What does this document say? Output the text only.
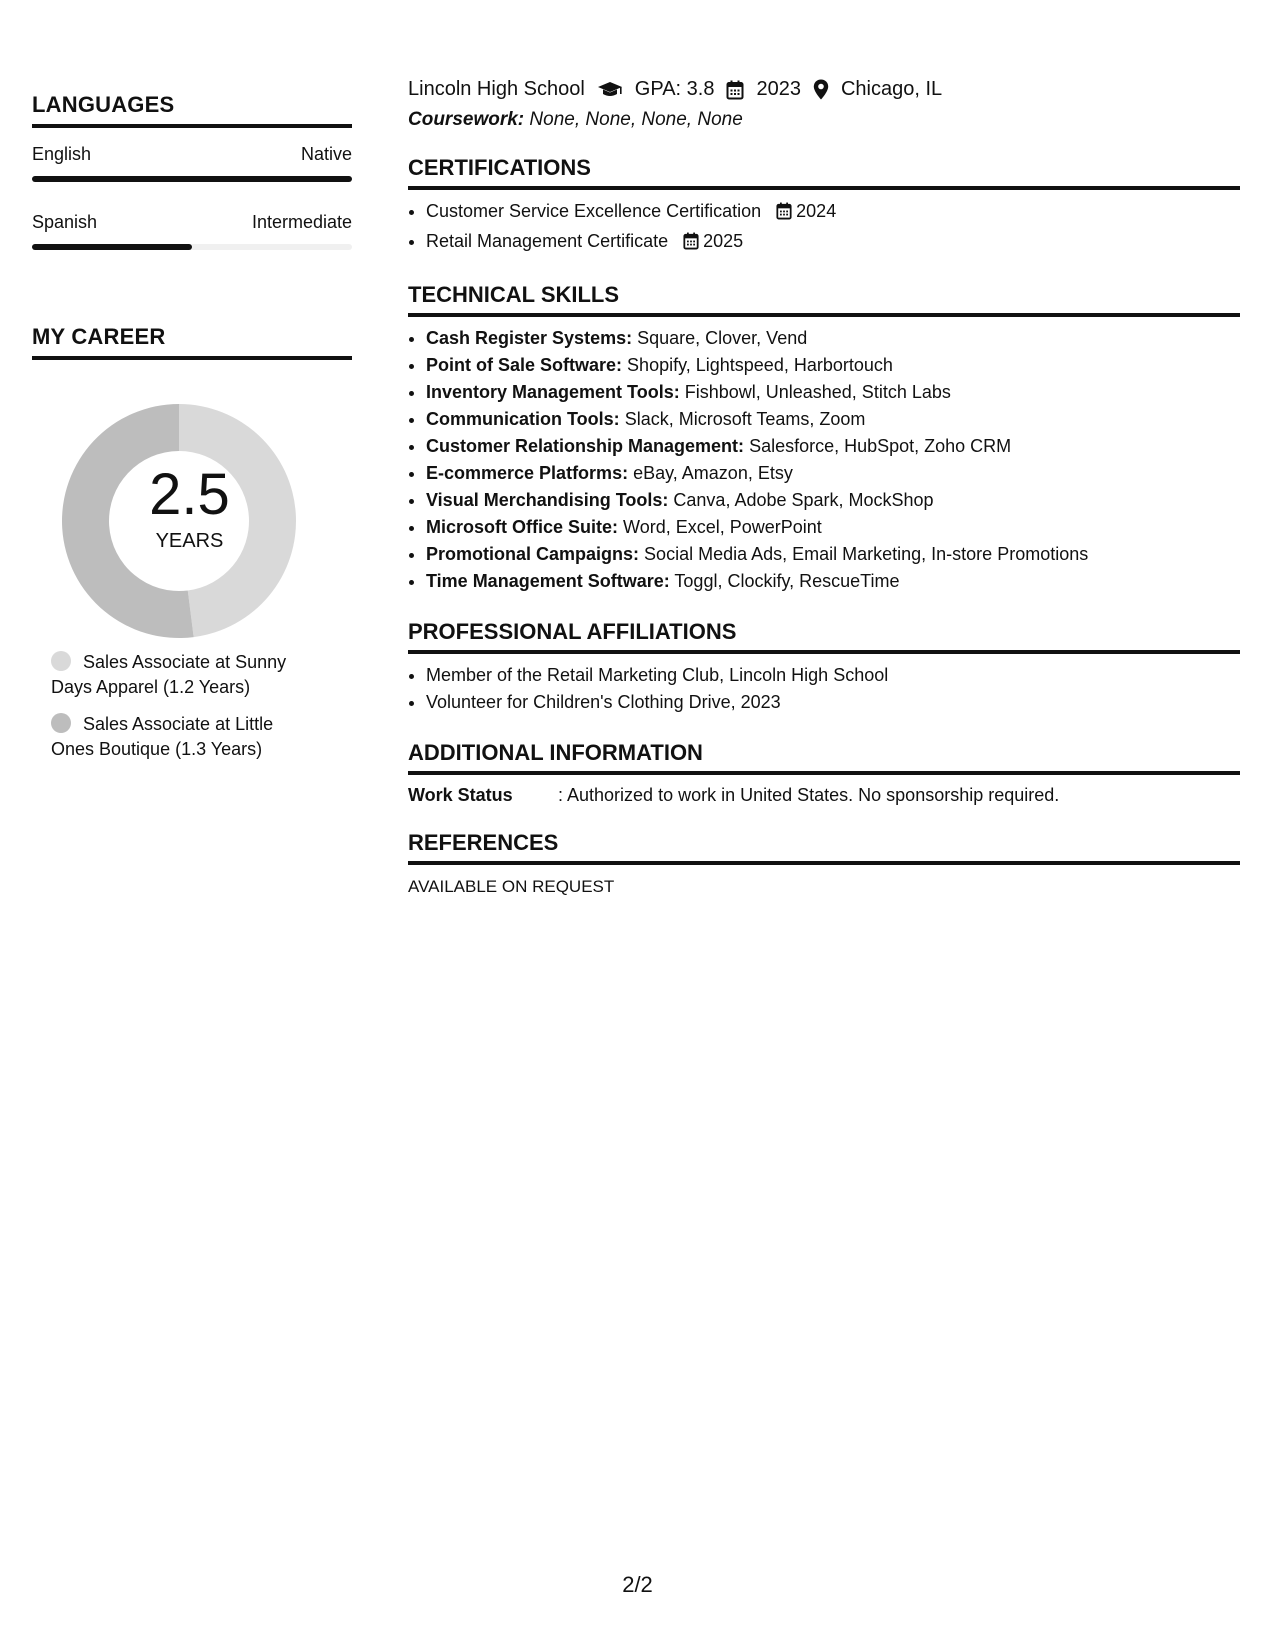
LANGUAGES
English	Native
Spanish	Intermediate
MY CAREER
2.5
YEARS
Sales Associate at Sunny Days Apparel (1.2 Years)
Sales Associate at Little Ones Boutique (1.3 Years)
Lincoln High School	GPA: 3.8 2023 Chicago, IL
Coursework: None, None, None, None
CERTIFICATIONS
• Customer Service Excellence Certification 2024
• Retail Management Certificate 2025
TECHNICAL SKILLS
• Cash Register Systems: Square, Clover, Vend
• Point of Sale Software: Shopify, Lightspeed, Harbortouch
• Inventory Management Tools: Fishbowl, Unleashed, Stitch Labs
• Communication Tools: Slack, Microsoft Teams, Zoom
• Customer Relationship Management: Salesforce, HubSpot, Zoho CRM
• E-commerce Platforms: eBay, Amazon, Etsy
• Visual Merchandising Tools: Canva, Adobe Spark, MockShop
• Microsoft Office Suite: Word, Excel, PowerPoint
• Promotional Campaigns: Social Media Ads, Email Marketing, In-store Promotions
• Time Management Software: Toggl, Clockify, RescueTime
PROFESSIONAL AFFILIATIONS
• Member of the Retail Marketing Club, Lincoln High School
• Volunteer for Children's Clothing Drive, 2023
ADDITIONAL INFORMATION
Work Status	: Authorized to work in United States. No sponsorship required.
REFERENCES
AVAILABLE ON REQUEST
2/2
